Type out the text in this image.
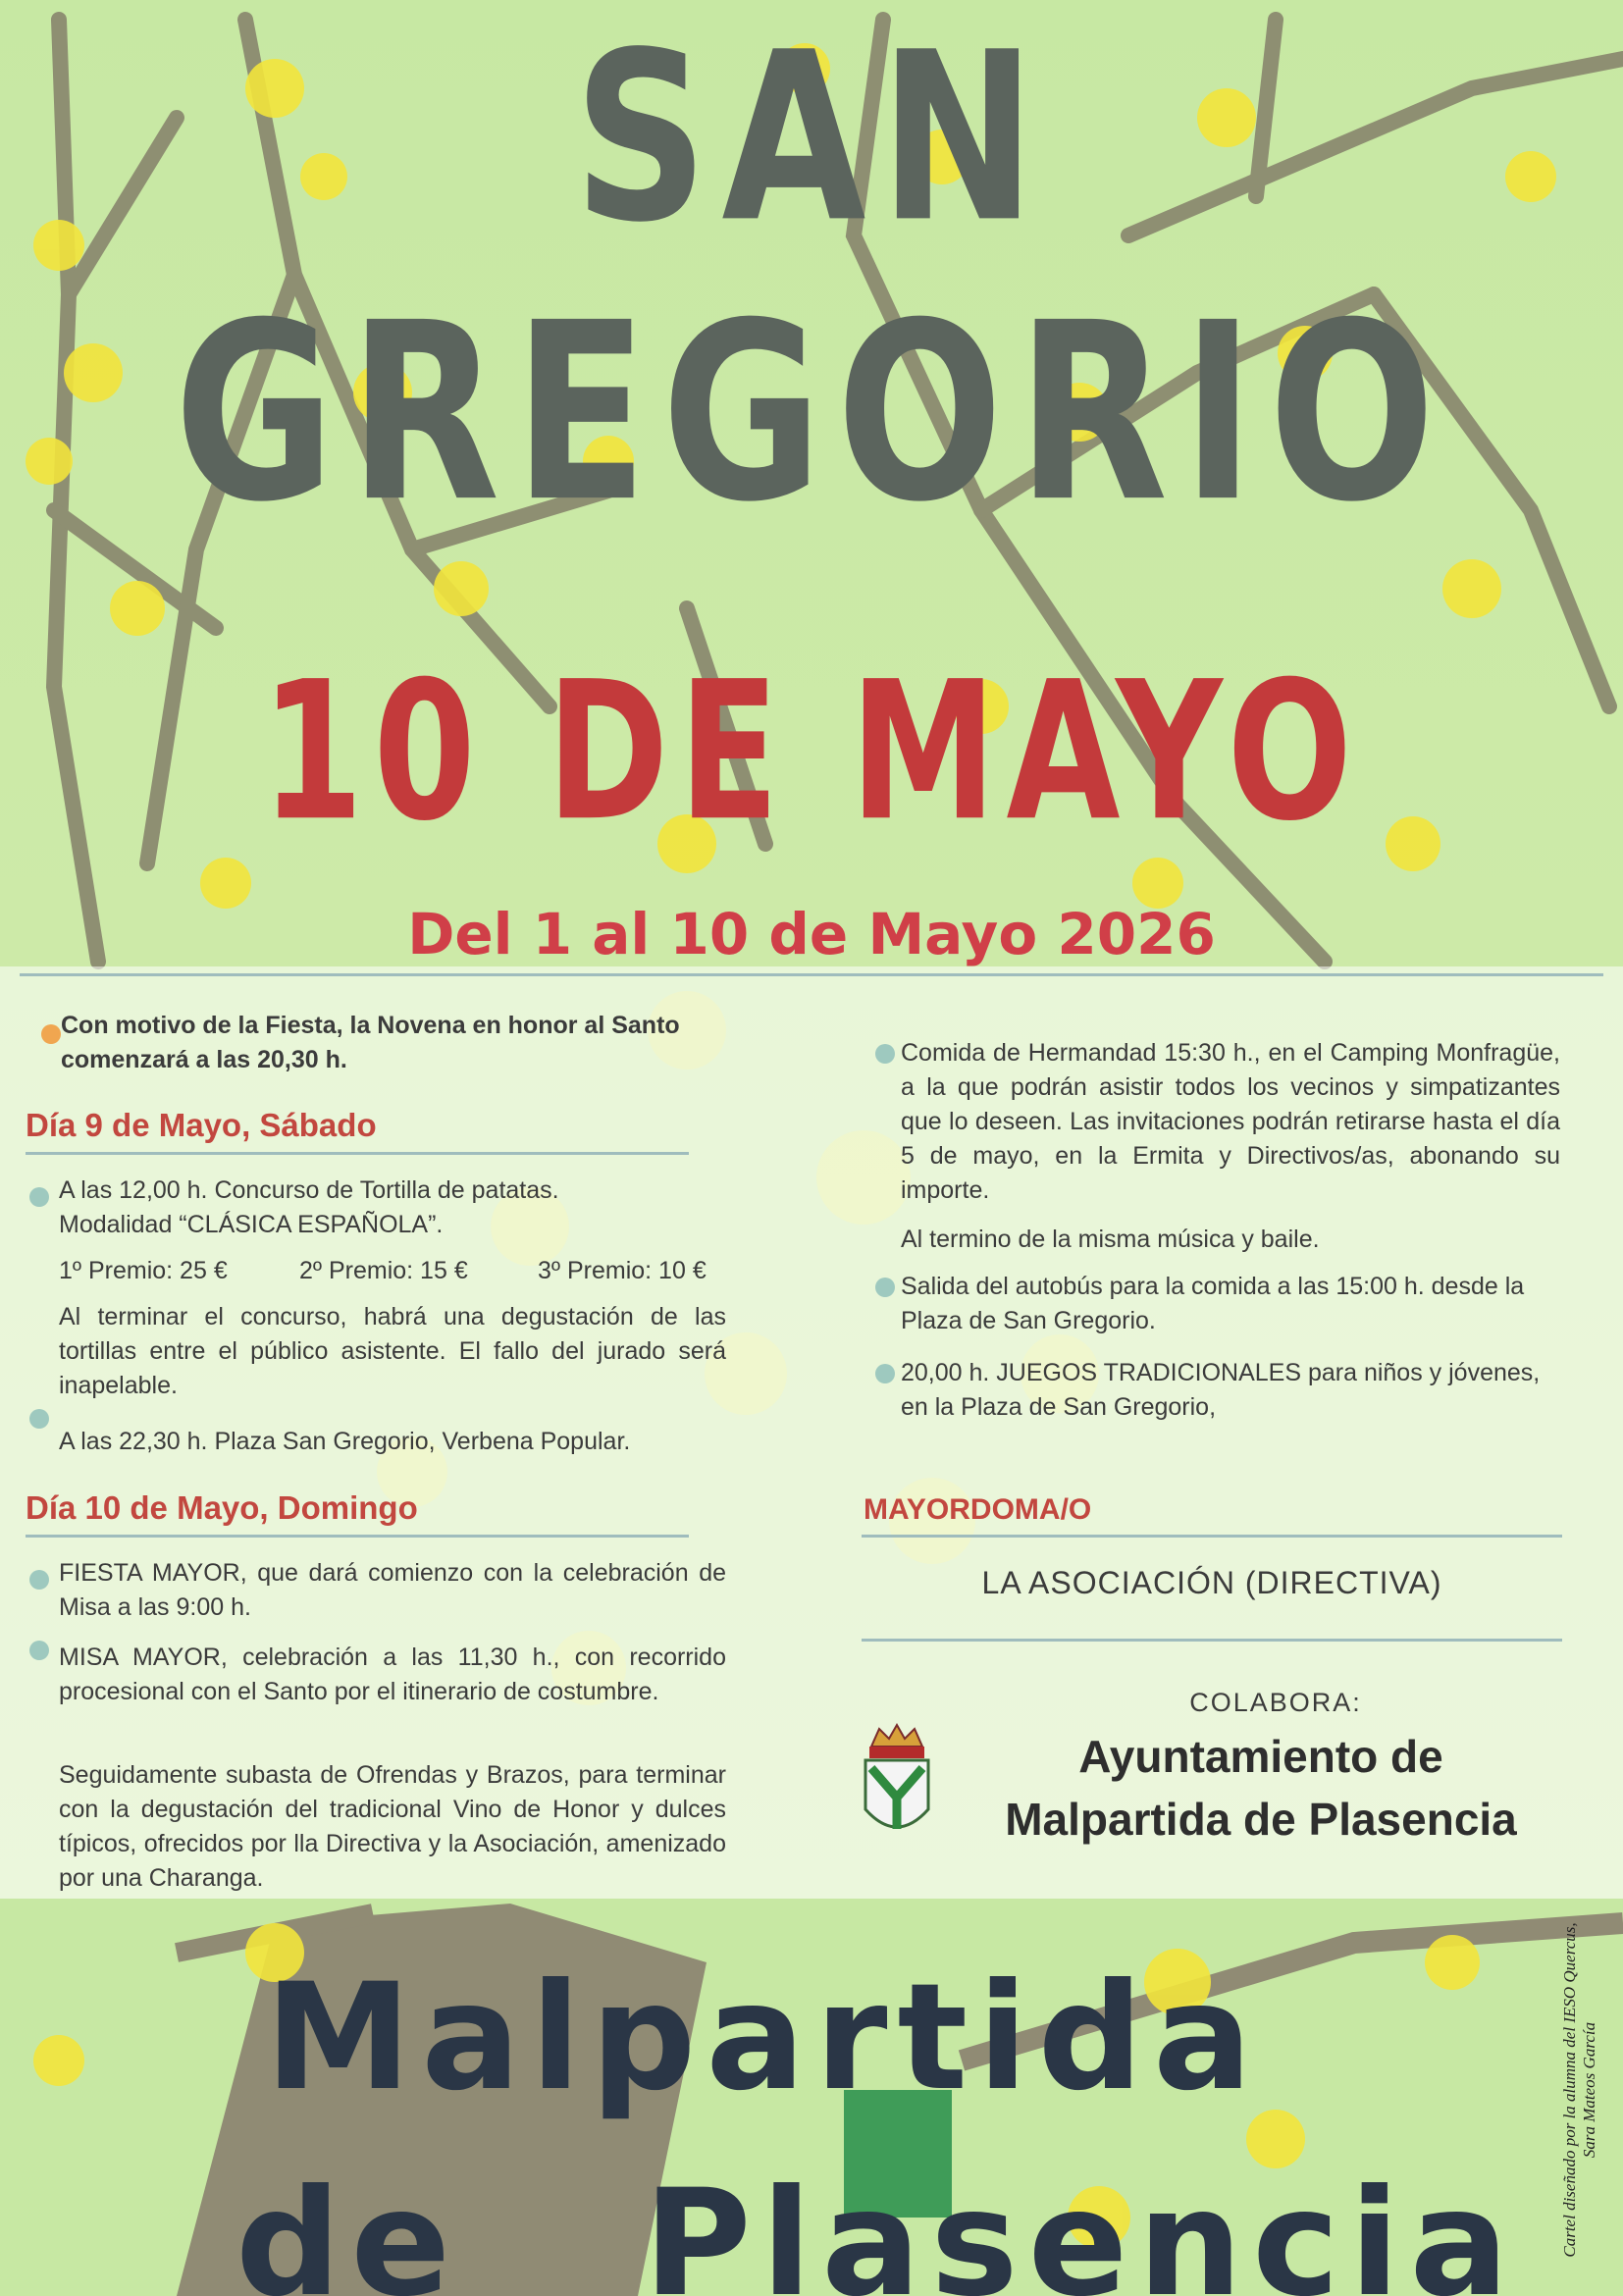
SAN
GREGORIO
10 DE MAYO
Del 1 al 10 de Mayo 2026
Con motivo de la Fiesta, la Novena en honor al Santo comenzará a las 20,30 h.
Día 9 de Mayo, Sábado
A las 12,00 h. Concurso de Tortilla de patatas.
Modalidad “CLÁSICA ESPAÑOLA”.
1º Premio: 25 €	2º Premio: 15 €	3º Premio: 10 €
Al terminar el concurso, habrá una degustación de las tortillas entre el público asistente. El fallo del jurado será inapelable.
A las 22,30 h. Plaza San Gregorio, Verbena Popular.
Día 10 de Mayo, Domingo
FIESTA MAYOR, que dará comienzo con la celebración de Misa a las 9:00 h.
MISA MAYOR, celebración a las 11,30 h., con recorrido procesional con el Santo por el itinerario de costumbre.
Seguidamente subasta de Ofrendas y Brazos, para terminar con la degustación del tradicional Vino de Honor y dulces típicos, ofrecidos por lla Directiva y la Asociación, amenizado por una Charanga.
Comida de Hermandad 15:30 h., en el Camping Monfragüe, a la que podrán asistir todos los vecinos y simpatizantes que lo deseen. Las invitaciones podrán retirarse hasta el día 5 de mayo, en la Ermita y Directivos/as, abonando su importe.
Al termino de la misma música y baile.
Salida del autobús para la comida a las 15:00 h. desde la Plaza de San Gregorio.
20,00 h. JUEGOS TRADICIONALES para niños y jóvenes, en la Plaza de San Gregorio,
MAYORDOMA/O
LA ASOCIACIÓN (DIRECTIVA)
COLABORA:
Ayuntamiento de
Malpartida de Plasencia
Malpartida
de   Plasencia Cartel diseñado por la alumna del IESO Quercus, Sara Mateos García
